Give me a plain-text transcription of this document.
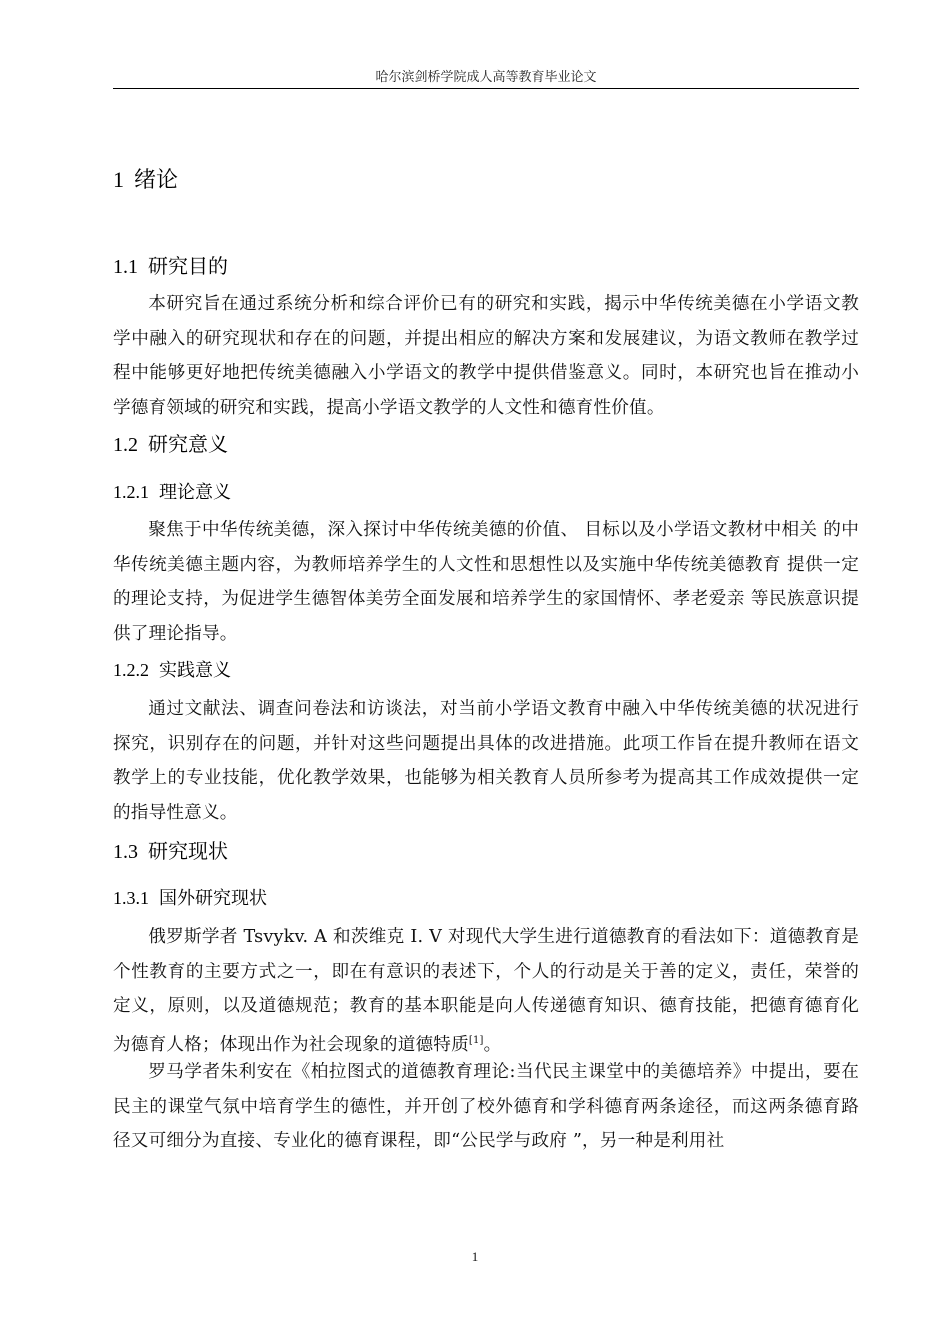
哈尔滨剑桥学院成人高等教育毕业论文
1 绪论
1.1 研究目的

本研究旨在通过系统分析和综合评价已有的研究和实践，揭示中华传统美德在小学语文教学中融入的研究现状和存在的问题，并提出相应的解决方案和发展建议，为语文教师在教学过程中能够更好地把传统美德融入小学语文的教学中提供借鉴意义。同时，本研究也旨在推动小学德育领域的研究和实践，提高小学语文教学的人文性和德育性价值。

1.2 研究意义
1.2.1 理论意义

聚焦于中华传统美德，深入探讨中华传统美德的价值、 目标以及小学语文教材中相关 的中华传统美德主题内容，为教师培养学生的人文性和思想性以及实施中华传统美德教育 提供一定的理论支持，为促进学生德智体美劳全面发展和培养学生的家国情怀、孝老爱亲 等民族意识提供了理论指导。

1.2.2 实践意义

通过文献法、调查问卷法和访谈法，对当前小学语文教育中融入中华传统美德的状况进行探究，识别存在的问题，并针对这些问题提出具体的改进措施。此项工作旨在提升教师在语文教学上的专业技能，优化教学效果，也能够为相关教育人员所参考为提高其工作成效提供一定的指导性意义。

1.3 研究现状
1.3.1 国外研究现状

俄罗斯学者 Tsvykv. A 和茨维克 I. V 对现代大学生进行道德教育的看法如下：道德教育是个性教育的主要方式之一，即在有意识的表述下，个人的行动是关于善的定义，责任，荣誉的定义，原则，以及道德规范；教育的基本职能是向人传递德育知识、德育技能，把德育德育化为德育人格；体现出作为社会现象的道德特质[1]。

罗马学者朱利安在《柏拉图式的道德教育理论:当代民主课堂中的美德培养》中提出，要在民主的课堂气氛中培育学生的德性，并开创了校外德育和学科德育两条途径，而这两条德育路径又可细分为直接、专业化的德育课程，即“公民学与政府 ”，另一种是利用社

1
